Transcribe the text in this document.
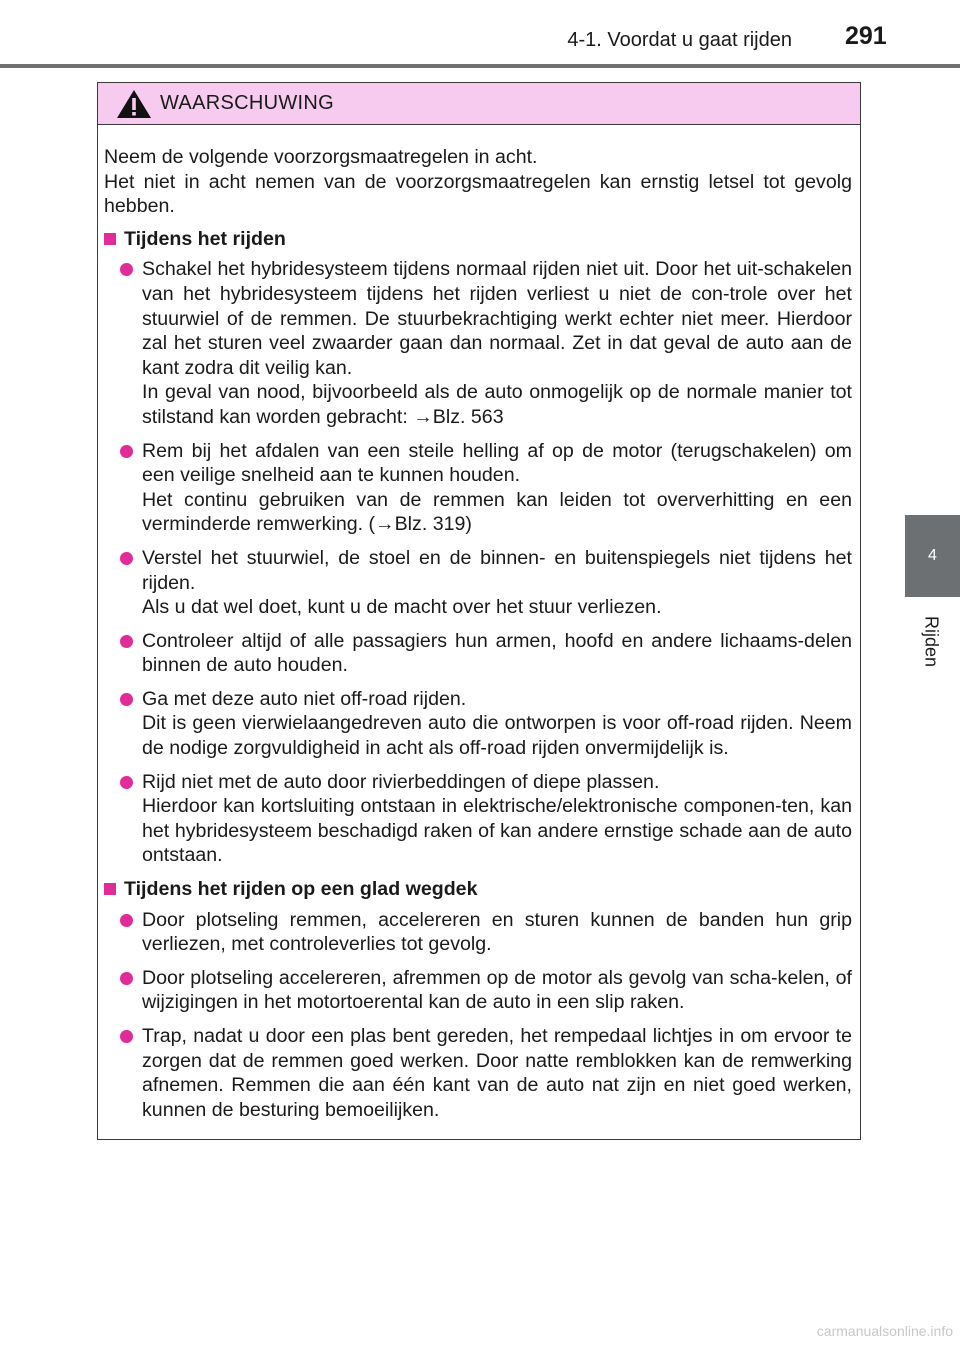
4-1. Voordat u gaat rijden 291
4
Rijden
WAARSCHUWING

Neem de volgende voorzorgsmaatregelen in acht.
Het niet in acht nemen van de voorzorgsmaatregelen kan ernstig letsel tot gevolg hebben.

Tijdens het rijden
Schakel het hybridesysteem tijdens normaal rijden niet uit. Door het uit-schakelen van het hybridesysteem tijdens het rijden verliest u niet de con-trole over het stuurwiel of de remmen. De stuurbekrachtiging werkt echter niet meer. Hierdoor zal het sturen veel zwaarder gaan dan normaal. Zet in dat geval de auto aan de kant zodra dit veilig kan.
In geval van nood, bijvoorbeeld als de auto onmogelijk op de normale manier tot stilstand kan worden gebracht: →Blz. 563
Rem bij het afdalen van een steile helling af op de motor (terugschakelen) om een veilige snelheid aan te kunnen houden.
Het continu gebruiken van de remmen kan leiden tot oververhitting en een verminderde remwerking. (→Blz. 319)
Verstel het stuurwiel, de stoel en de binnen- en buitenspiegels niet tijdens het rijden.
Als u dat wel doet, kunt u de macht over het stuur verliezen.
Controleer altijd of alle passagiers hun armen, hoofd en andere lichaams-delen binnen de auto houden.
Ga met deze auto niet off-road rijden.
Dit is geen vierwielaangedreven auto die ontworpen is voor off-road rijden. Neem de nodige zorgvuldigheid in acht als off-road rijden onvermijdelijk is.
Rijd niet met de auto door rivierbeddingen of diepe plassen.
Hierdoor kan kortsluiting ontstaan in elektrische/elektronische componen-ten, kan het hybridesysteem beschadigd raken of kan andere ernstige schade aan de auto ontstaan.
Tijdens het rijden op een glad wegdek
Door plotseling remmen, accelereren en sturen kunnen de banden hun grip verliezen, met controleverlies tot gevolg.
Door plotseling accelereren, afremmen op de motor als gevolg van scha-kelen, of wijzigingen in het motortoerental kan de auto in een slip raken.
Trap, nadat u door een plas bent gereden, het rempedaal lichtjes in om ervoor te zorgen dat de remmen goed werken. Door natte remblokken kan de remwerking afnemen. Remmen die aan één kant van de auto nat zijn en niet goed werken, kunnen de besturing bemoeilijken.
carmanualsonline.info
